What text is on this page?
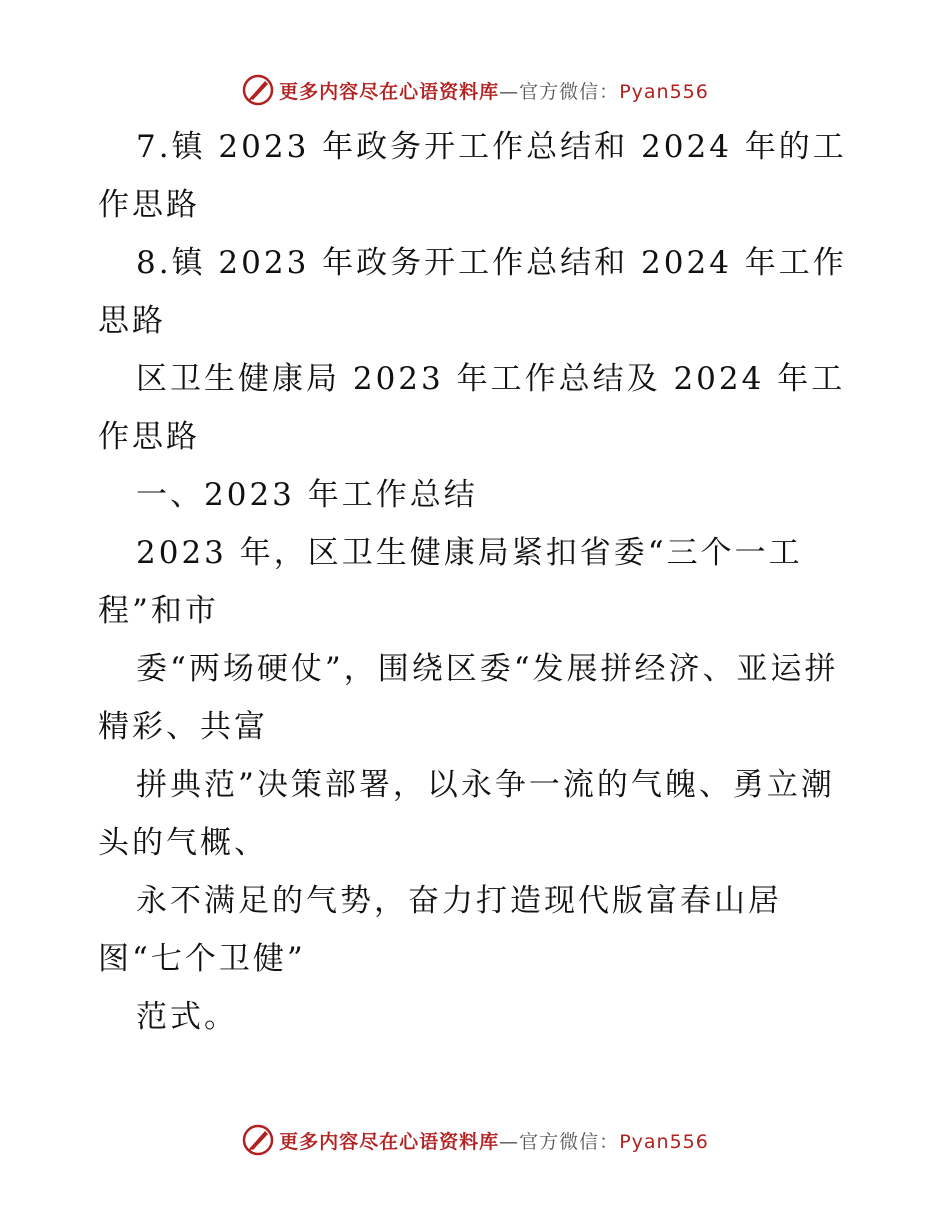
更多内容尽在心语资料库—官方微信：Pyan556

7.镇 2023 年政务开工作总结和 2024 年的工作思路

8.镇 2023 年政务开工作总结和 2024 年工作思路

区卫生健康局 2023 年工作总结及 2024 年工作思路

一、2023 年工作总结

2023 年，区卫生健康局紧扣省委“三个一工程”和市

委“两场硬仗”，围绕区委“发展拼经济、亚运拼精彩、共富

拼典范”决策部署，以永争一流的气魄、勇立潮头的气概、

永不满足的气势，奋力打造现代版富春山居图“七个卫健”

范式。

更多内容尽在心语资料库—官方微信：Pyan556
